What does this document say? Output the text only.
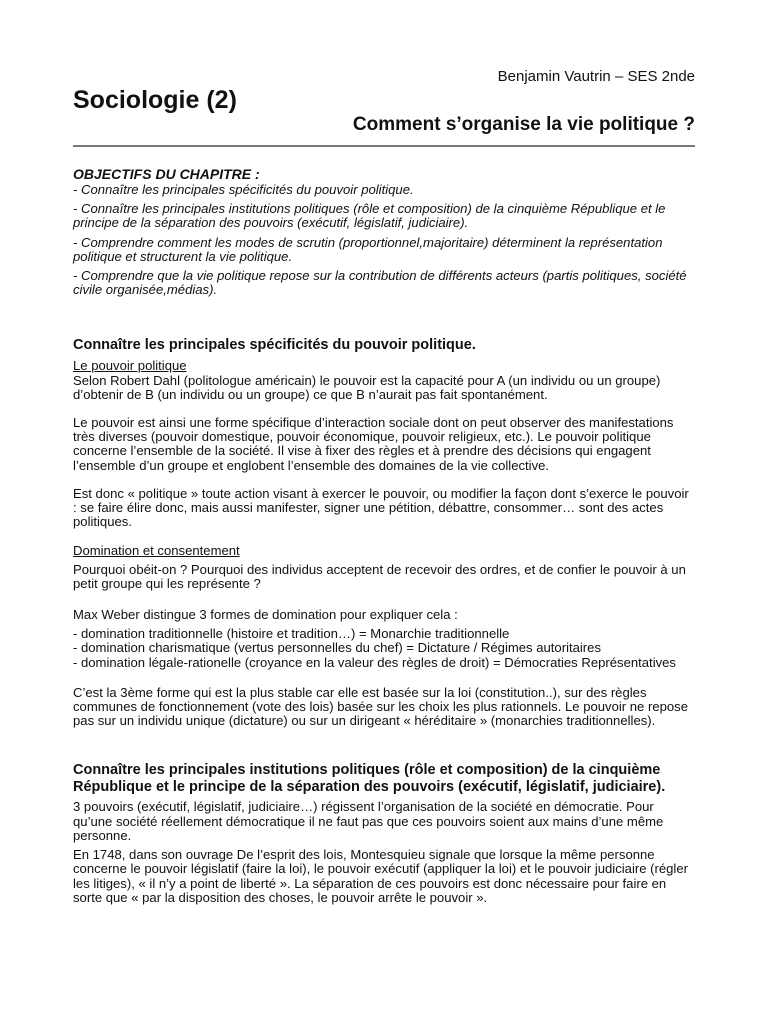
Benjamin Vautrin – SES 2nde
Sociologie (2)
Comment s’organise la vie politique ?

OBJECTIFS DU CHAPITRE :

- Connaître les principales spécificités du pouvoir politique.

- Connaître les principales institutions politiques (rôle et composition) de la cinquième République et le principe de la séparation des pouvoirs (exécutif, législatif, judiciaire).

- Comprendre comment les modes de scrutin (proportionnel,majoritaire) déterminent la représentation politique et structurent la vie politique.

- Comprendre que la vie politique repose sur la contribution de différents acteurs (partis politiques, société civile organisée,médias).

Connaître les principales spécificités du pouvoir politique.

Le pouvoir politique

Selon Robert Dahl (politologue américain) le pouvoir est la capacité pour A (un individu ou un groupe) d’obtenir de B (un individu ou un groupe) ce que B n’aurait pas fait spontanément.

Le pouvoir est ainsi une forme spécifique d’interaction sociale dont on peut observer des manifestations très diverses (pouvoir domestique, pouvoir économique, pouvoir religieux, etc.). Le pouvoir politique concerne l’ensemble de la société. Il vise à fixer des règles et à prendre des décisions qui engagent l’ensemble d’un groupe et englobent l’ensemble des domaines de la vie collective.

Est donc « politique » toute action visant à exercer le pouvoir, ou modifier la façon dont s’exerce le pouvoir : se faire élire donc, mais aussi manifester, signer une pétition, débattre, consommer… sont des actes politiques.

Domination et consentement

Pourquoi obéit-on ? Pourquoi des individus acceptent de recevoir des ordres, et de confier le pouvoir à un petit groupe qui les représente ?

Max Weber distingue 3 formes de domination pour expliquer cela :

- domination traditionnelle (histoire et tradition…) = Monarchie traditionnelle

- domination charismatique (vertus personnelles du chef) = Dictature / Régimes autoritaires

- domination légale-rationelle (croyance en la valeur des règles de droit) = Démocraties Représentatives

C’est la 3ème forme qui est la plus stable car elle est basée sur la loi (constitution..), sur des règles communes de fonctionnement (vote des lois) basée sur les choix les plus rationnels. Le pouvoir ne repose pas sur un individu unique (dictature) ou sur un dirigeant « héréditaire » (monarchies traditionnelles).

Connaître les principales institutions politiques (rôle et composition) de la cinquième République et le principe de la séparation des pouvoirs (exécutif, législatif, judiciaire).

3 pouvoirs (exécutif, législatif, judiciaire…) régissent l’organisation de la société en démocratie. Pour qu’une société réellement démocratique il ne faut pas que ces pouvoirs soient aux mains d’une même personne.

En 1748, dans son ouvrage De l’esprit des lois, Montesquieu signale que lorsque la même personne concerne le pouvoir législatif (faire la loi), le pouvoir exécutif (appliquer la loi) et le pouvoir judiciaire (régler les litiges), « il n’y a point de liberté ». La séparation de ces pouvoirs est donc nécessaire pour faire en sorte que « par la disposition des choses, le pouvoir arrête le pouvoir ».
